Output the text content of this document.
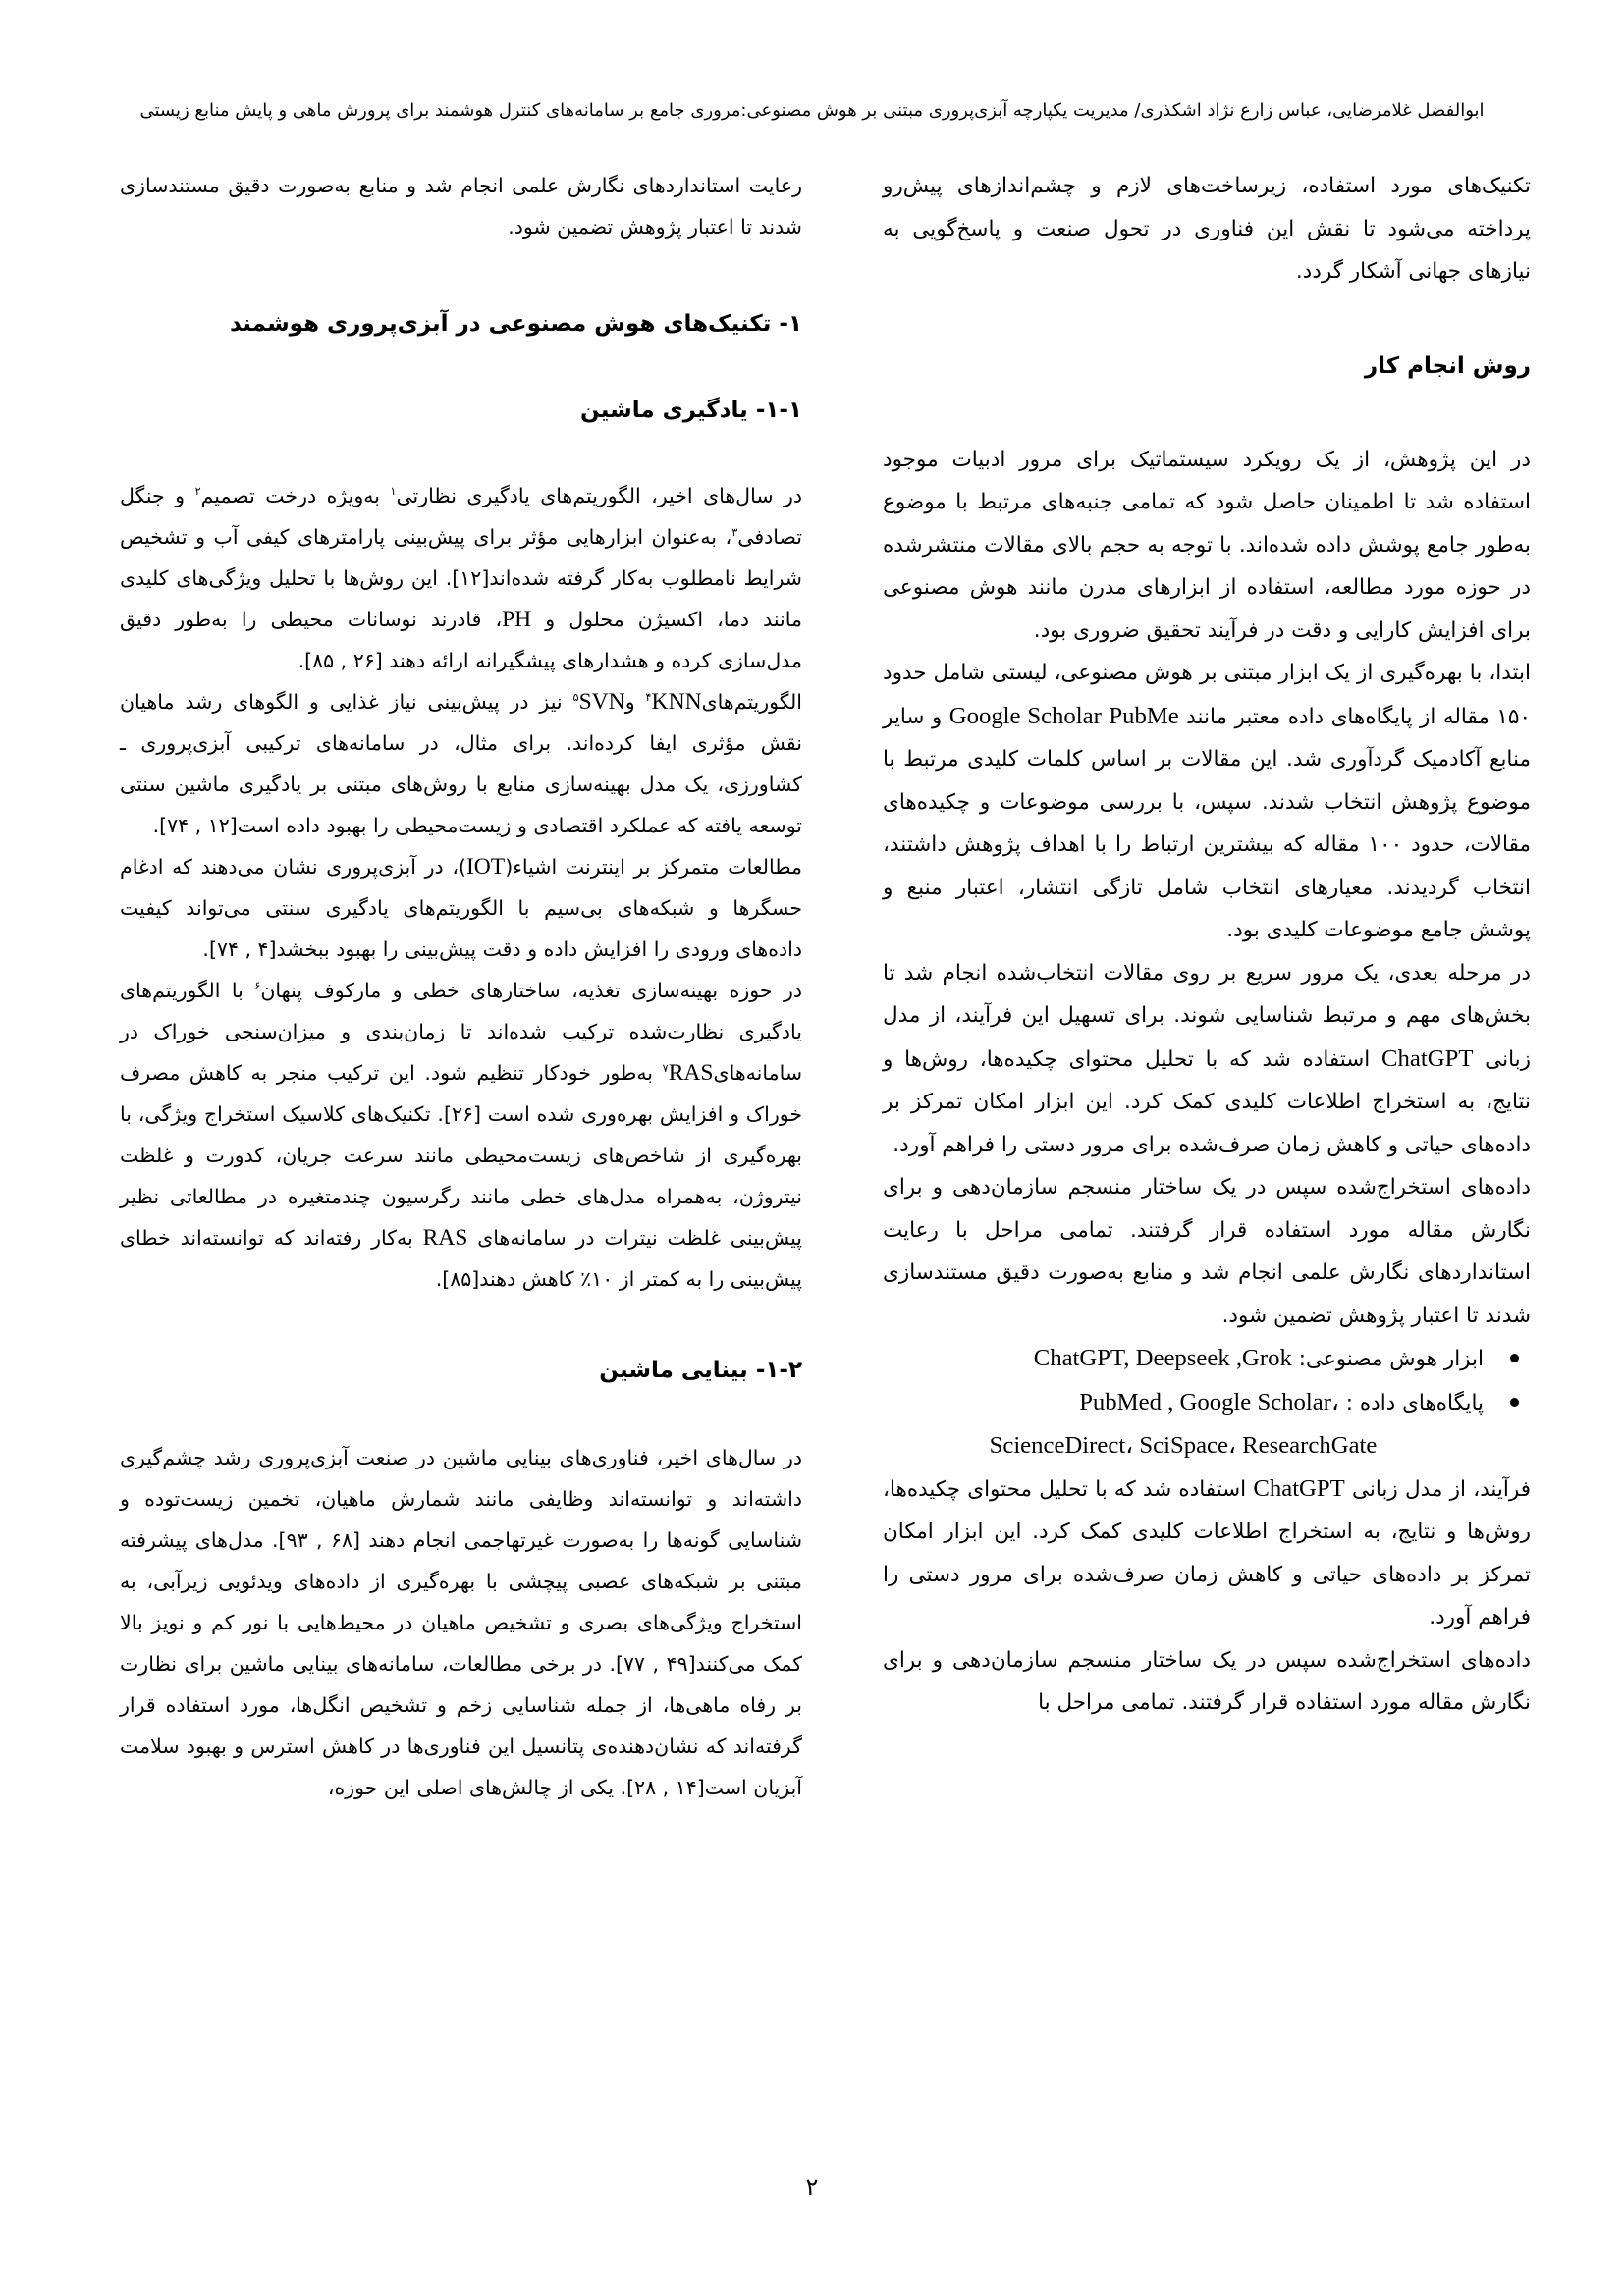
ابوالفضل غلامرضایی، عباس زارع نژاد اشکذری/ مدیریت یکپارچه آبزی‌پروری مبتنی بر هوش مصنوعی:مروری جامع بر سامانه‌های کنترل هوشمند برای پرورش ماهی و پایش منابع زیستی

تکنیک‌های مورد استفاده، زیرساخت‌های لازم و چشم‌اندازهای پیش‌رو پرداخته می‌شود تا نقش این فناوری در تحول صنعت و پاسخ‌گویی به نیازهای جهانی آشکار گردد.

روش انجام کار

در این پژوهش، از یک رویکرد سیستماتیک برای مرور ادبیات موجود استفاده شد تا اطمینان حاصل شود که تمامی جنبه‌های مرتبط با موضوع به‌طور جامع پوشش داده شده‌اند. با توجه به حجم بالای مقالات منتشرشده در حوزه مورد مطالعه، استفاده از ابزارهای مدرن مانند هوش مصنوعی برای افزایش کارایی و دقت در فرآیند تحقیق ضروری بود.

ابتدا، با بهره‌گیری از یک ابزار مبتنی بر هوش مصنوعی، لیستی شامل حدود ۱۵۰ مقاله از پایگاه‌های داده معتبر مانند PubMe Google Scholar و سایر منابع آکادمیک گردآوری شد. این مقالات بر اساس کلمات کلیدی مرتبط با موضوع پژوهش انتخاب شدند. سپس، با بررسی موضوعات و چکیده‌های مقالات، حدود ۱۰۰ مقاله که بیشترین ارتباط را با اهداف پژوهش داشتند، انتخاب گردیدند. معیارهای انتخاب شامل تازگی انتشار، اعتبار منبع و پوشش جامع موضوعات کلیدی بود.

در مرحله بعدی، یک مرور سریع بر روی مقالات انتخاب‌شده انجام شد تا بخش‌های مهم و مرتبط شناسایی شوند. برای تسهیل این فرآیند، از مدل زبانی ChatGPT استفاده شد که با تحلیل محتوای چکیده‌ها، روش‌ها و نتایج، به استخراج اطلاعات کلیدی کمک کرد. این ابزار امکان تمرکز بر داده‌های حیاتی و کاهش زمان صرف‌شده برای مرور دستی را فراهم آورد.

داده‌های استخراج‌شده سپس در یک ساختار منسجم سازمان‌دهی و برای نگارش مقاله مورد استفاده قرار گرفتند. تمامی مراحل با رعایت استانداردهای نگارش علمی انجام شد و منابع به‌صورت دقیق مستندسازی شدند تا اعتبار پژوهش تضمین شود.

ابزار هوش مصنوعی: ChatGPT, Deepseek ,Grok
پایگاه‌های داده : PubMed , Google Scholar،
ScienceDirect، SciSpace، ResearchGate

فرآیند، از مدل زبانی ChatGPT استفاده شد که با تحلیل محتوای چکیده‌ها، روش‌ها و نتایج، به استخراج اطلاعات کلیدی کمک کرد. این ابزار امکان تمرکز بر داده‌های حیاتی و کاهش زمان صرف‌شده برای مرور دستی را فراهم آورد.

داده‌های استخراج‌شده سپس در یک ساختار منسجم سازمان‌دهی و برای نگارش مقاله مورد استفاده قرار گرفتند. تمامی مراحل با

رعایت استانداردهای نگارش علمی انجام شد و منابع به‌صورت دقیق مستندسازی شدند تا اعتبار پژوهش تضمین شود.

۱- تکنیک‌های هوش مصنوعی در آبزی‌پروری هوشمند
۱-۱- یادگیری ماشین

در سال‌های اخیر، الگوریتم‌های یادگیری نظارتی$^۱$ به‌ویژه درخت تصمیم$^۲$ و جنگل تصادفی$^۳$، به‌عنوان ابزارهایی مؤثر برای پیش‌بینی پارامترهای کیفی آب و تشخیص شرایط نامطلوب به‌کار گرفته شده‌اند[۱۲]. این روش‌ها با تحلیل ویژگی‌های کلیدی مانند دما، اکسیژن محلول و PH، قادرند نوسانات محیطی را به‌طور دقیق مدل‌سازی کرده و هشدارهای پیشگیرانه ارائه دهند [۲۶ , ۸۵].

الگوریتم‌هایKNN$^۴$ وSVN$^۵$ نیز در پیش‌بینی نیاز غذایی و الگوهای رشد ماهیان نقش مؤثری ایفا کرده‌اند. برای مثال، در سامانه‌های ترکیبی آبزی‌پروری ـ کشاورزی، یک مدل بهینه‌سازی منابع با روش‌های مبتنی بر یادگیری ماشین سنتی توسعه یافته که عملکرد اقتصادی و زیست‌محیطی را بهبود داده است[۱۲ , ۷۴].

مطالعات متمرکز بر اینترنت اشیاء(IOT)، در آبزی‌پروری نشان می‌دهند که ادغام حسگرها و شبکه‌های بی‌سیم با الگوریتم‌های یادگیری سنتی می‌تواند کیفیت داده‌های ورودی را افزایش داده و دقت پیش‌بینی را بهبود ببخشد[۴ , ۷۴].

در حوزه بهینه‌سازی تغذیه، ساختارهای خطی و مارکوف پنهان$^۶$ با الگوریتم‌های یادگیری نظارت‌شده ترکیب شده‌اند تا زمان‌بندی و میزان‌سنجی خوراک در سامانه‌هایRAS$^۷$ به‌طور خودکار تنظیم شود. این ترکیب منجر به کاهش مصرف خوراک و افزایش بهره‌وری شده است [۲۶]. تکنیک‌های کلاسیک استخراج ویژگی، با بهره‌گیری از شاخص‌های زیست‌محیطی مانند سرعت جریان، کدورت و غلظت نیتروژن، به‌همراه مدل‌های خطی مانند رگرسیون چندمتغیره در مطالعاتی نظیر پیش‌بینی غلظت نیترات در سامانه‌های RAS به‌کار رفته‌اند که توانسته‌اند خطای پیش‌بینی را به کمتر از ۱۰٪ کاهش دهند[۸۵].

۱-۲- بینایی ماشین

در سال‌های اخیر، فناوری‌های بینایی ماشین در صنعت آبزی‌پروری رشد چشم‌گیری داشته‌اند و توانسته‌اند وظایفی مانند شمارش ماهیان، تخمین زیست‌توده و شناسایی گونه‌ها را به‌صورت غیرتهاجمی انجام دهند [۶۸ , ۹۳]. مدل‌های پیشرفته مبتنی بر شبکه‌های عصبی پیچشی با بهره‌گیری از داده‌های ویدئویی زیرآبی، به استخراج ویژگی‌های بصری و تشخیص ماهیان در محیط‌هایی با نور کم و نویز بالا کمک می‌کنند[۴۹ , ۷۷]. در برخی مطالعات، سامانه‌های بینایی ماشین برای نظارت بر رفاه ماهی‌ها، از جمله شناسایی زخم و تشخیص انگل‌ها، مورد استفاده قرار گرفته‌اند که نشان‌دهنده‌ی پتانسیل این فناوری‌ها در کاهش استرس و بهبود سلامت آبزیان است[۱۴ , ۲۸]. یکی از چالش‌های اصلی این حوزه،

۲
